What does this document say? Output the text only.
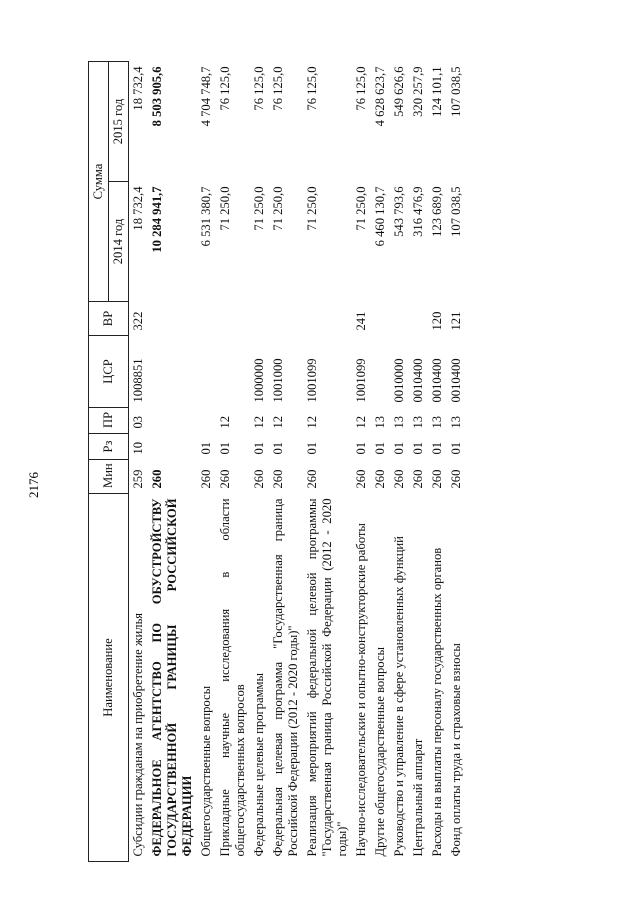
2176
Наименование	Мин	Рз	ПР	ЦСР	ВР	Сумма	
						2014 год	2015 год
Субсидии гражданам на приобретение жилья	259	10	03	1008851	322	18 732,4	18 732,4
ФЕДЕРАЛЬНОЕ АГЕНТСТВО ПО ОБУСТРОЙСТВУ ГОСУДАРСТВЕННОЙ ГРАНИЦЫ РОССИЙСКОЙ ФЕДЕРАЦИИ	260					10 284 941,7	8 503 905,6
Общегосударственные вопросы	260	01				6 531 380,7	4 704 748,7
Прикладные научные исследования в области общегосударственных вопросов	260	01	12			71 250,0	76 125,0
Федеральные целевые программы	260	01	12	1000000		71 250,0	76 125,0
Федеральная целевая программа "Государственная граница Российской Федерации (2012 - 2020 годы)"	260	01	12	1001000		71 250,0	76 125,0
Реализация мероприятий федеральной целевой программы "Государственная граница Российской Федерации (2012 - 2020 годы)"	260	01	12	1001099		71 250,0	76 125,0
Научно-исследовательские и опытно-конструкторские работы	260	01	12	1001099	241	71 250,0	76 125,0
Другие общегосударственные вопросы	260	01	13			6 460 130,7	4 628 623,7
Руководство и управление в сфере установленных функций	260	01	13	0010000		543 793,6	549 626,6
Центральный аппарат	260	01	13	0010400		316 476,9	320 257,9
Расходы на выплаты персоналу государственных органов	260	01	13	0010400	120	123 689,0	124 101,1
Фонд оплаты труда и страховые взносы	260	01	13	0010400	121	107 038,5	107 038,5
